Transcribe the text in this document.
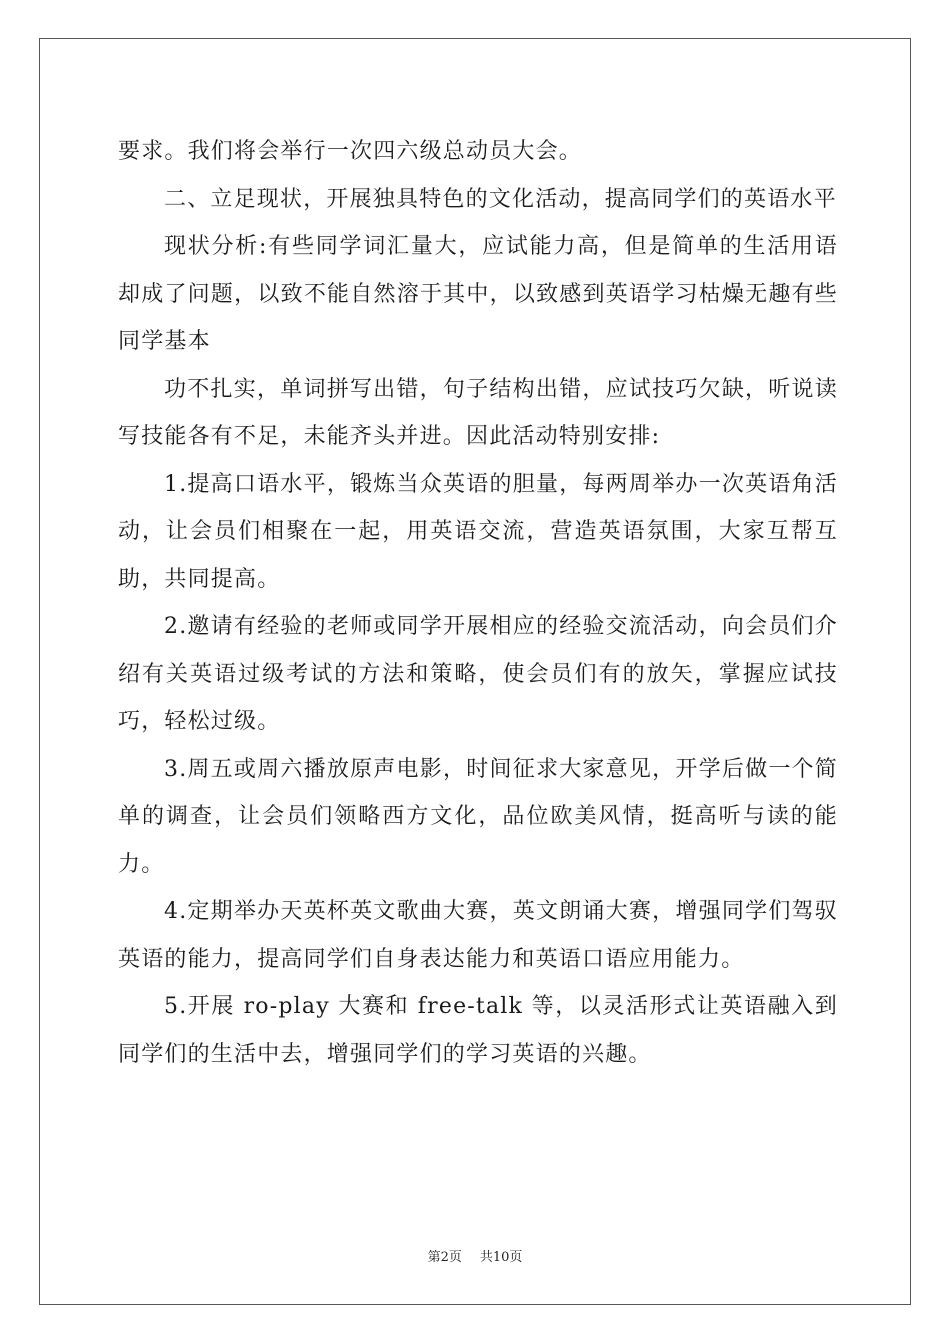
要求。我们将会举行一次四六级总动员大会。

二、立足现状，开展独具特色的文化活动，提高同学们的英语水平

现状分析:有些同学词汇量大，应试能力高，但是简单的生活用语却成了问题，以致不能自然溶于其中，以致感到英语学习枯燥无趣有些同学基本

功不扎实，单词拼写出错，句子结构出错，应试技巧欠缺，听说读写技能各有不足，未能齐头并进。因此活动特别安排:

1.提高口语水平，锻炼当众英语的胆量，每两周举办一次英语角活动，让会员们相聚在一起，用英语交流，营造英语氛围，大家互帮互助，共同提高。

2.邀请有经验的老师或同学开展相应的经验交流活动，向会员们介绍有关英语过级考试的方法和策略，使会员们有的放矢，掌握应试技巧，轻松过级。

3.周五或周六播放原声电影，时间征求大家意见，开学后做一个简单的调查，让会员们领略西方文化，品位欧美风情，挺高听与读的能力。

4.定期举办天英杯英文歌曲大赛，英文朗诵大赛，增强同学们驾驭英语的能力，提高同学们自身表达能力和英语口语应用能力。

5.开展 ro-play 大赛和 free-talk 等，以灵活形式让英语融入到同学们的生活中去，增强同学们的学习英语的兴趣。

第2页 共10页
